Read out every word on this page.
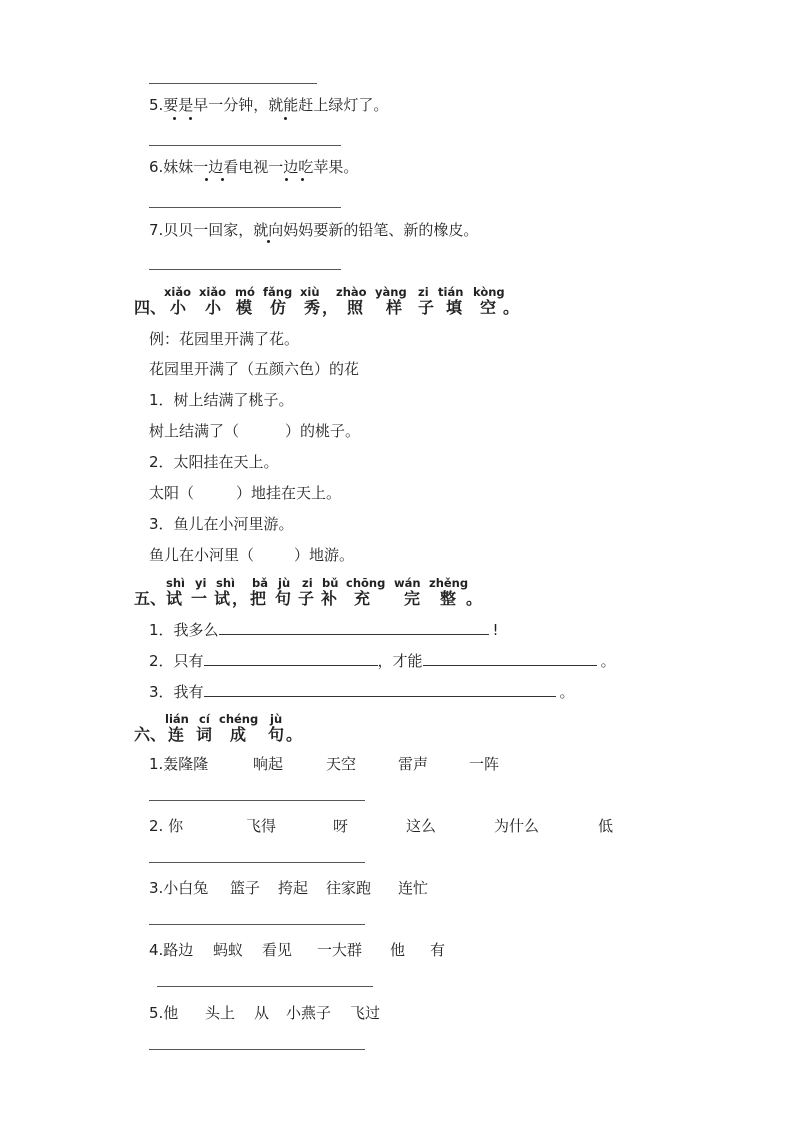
5.要是早一分钟，就能赶上绿灯了。
6.妹妹一边看电视一边吃苹果。
7.贝贝一回家，就向妈妈要新的铅笔、新的橡皮。
四、
xiǎo xiǎo mó fǎng xiù zhào yàng zi tián kòng
小 小 模 仿 秀 ， 照 样 子 填 空 。
例：花园里开满了花。
花园里开满了（五颜六色）的花
1．树上结满了桃子。
树上结满了（	）的桃子。
2．太阳挂在天上。
太阳（	）地挂在天上。
3．鱼儿在小河里游。
鱼儿在小河里（	）地游。
五、
shì yi shì bǎ jù zi bǔ chōng wán zhěng
试 一 试 ， 把 句 子 补 充 完 整 。
1．我多么	!
2．只有	，才能	。
3．我有	。
六、
lián cí chéng jù
连 词 成 句 。
1.轰隆隆	响起	天空	雷声	一阵
2. 你	飞得	呀	这么	为什么	低
3.小白兔 篮子 挎起 往家跑 连忙
4.路边 蚂蚁 看见 一大群 他 有
5.他 头上 从 小燕子 飞过
